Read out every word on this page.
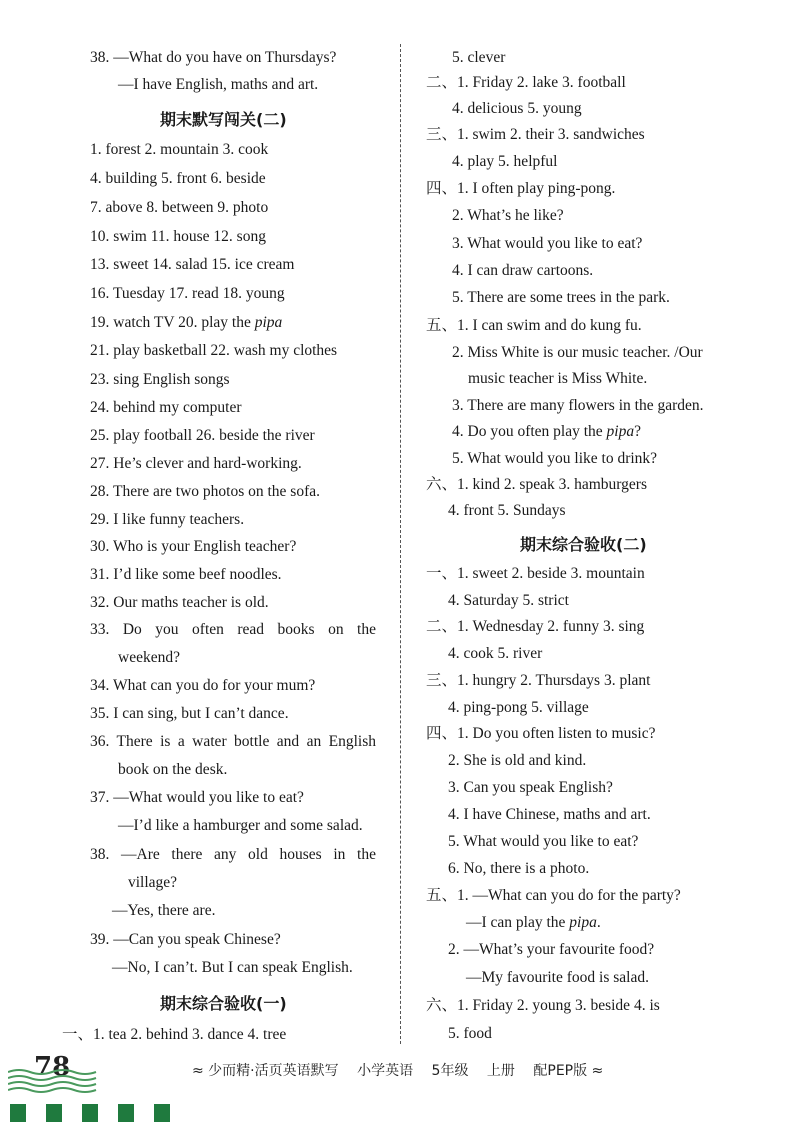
38. —What do you have on Thursdays?
—I have English, maths and art.
期末默写闯关(二)
1. forest 2. mountain 3. cook
4. building 5. front 6. beside
7. above 8. between 9. photo
10. swim 11. house 12. song
13. sweet 14. salad 15. ice cream
16. Tuesday 17. read 18. young
19. watch TV 20. play the pipa
21. play basketball 22. wash my clothes
23. sing English songs
24. behind my computer
25. play football 26. beside the river
27. He’s clever and hard-working.
28. There are two photos on the sofa.
29. I like funny teachers.
30. Who is your English teacher?
31. I’d like some beef noodles.
32. Our maths teacher is old.
33. Do you often read books on the
weekend?
34. What can you do for your mum?
35. I can sing, but I can’t dance.
36. There is a water bottle and an English
book on the desk.
37. —What would you like to eat?
—I’d like a hamburger and some salad.
38. —Are there any old houses in the
village?
—Yes, there are.
39. —Can you speak Chinese?
—No, I can’t. But I can speak English.
期末综合验收(一)
一、1. tea 2. behind 3. dance 4. tree
5. clever
二、1. Friday 2. lake 3. football
4. delicious 5. young
三、1. swim 2. their 3. sandwiches
4. play 5. helpful
四、1. I often play ping-pong.
2. What’s he like?
3. What would you like to eat?
4. I can draw cartoons.
5. There are some trees in the park.
五、1. I can swim and do kung fu.
2. Miss White is our music teacher. /Our
music teacher is Miss White.
3. There are many flowers in the garden.
4. Do you often play the pipa?
5. What would you like to drink?
六、1. kind 2. speak 3. hamburgers
4. front 5. Sundays
期末综合验收(二)
一、1. sweet 2. beside 3. mountain
4. Saturday 5. strict
二、1. Wednesday 2. funny 3. sing
4. cook 5. river
三、1. hungry 2. Thursdays 3. plant
4. ping-pong 5. village
四、1. Do you often listen to music?
2. She is old and kind.
3. Can you speak English?
4. I have Chinese, maths and art.
5. What would you like to eat?
6. No, there is a photo.
五、1. —What can you do for the party?
—I can play the pipa.
2. —What’s your favourite food?
—My favourite food is salad.
六、1. Friday 2. young 3. beside 4. is
5. food
78	≈ 少而精·活页英语默写 小学英语 5年级 上册 配PEP版 ≈
